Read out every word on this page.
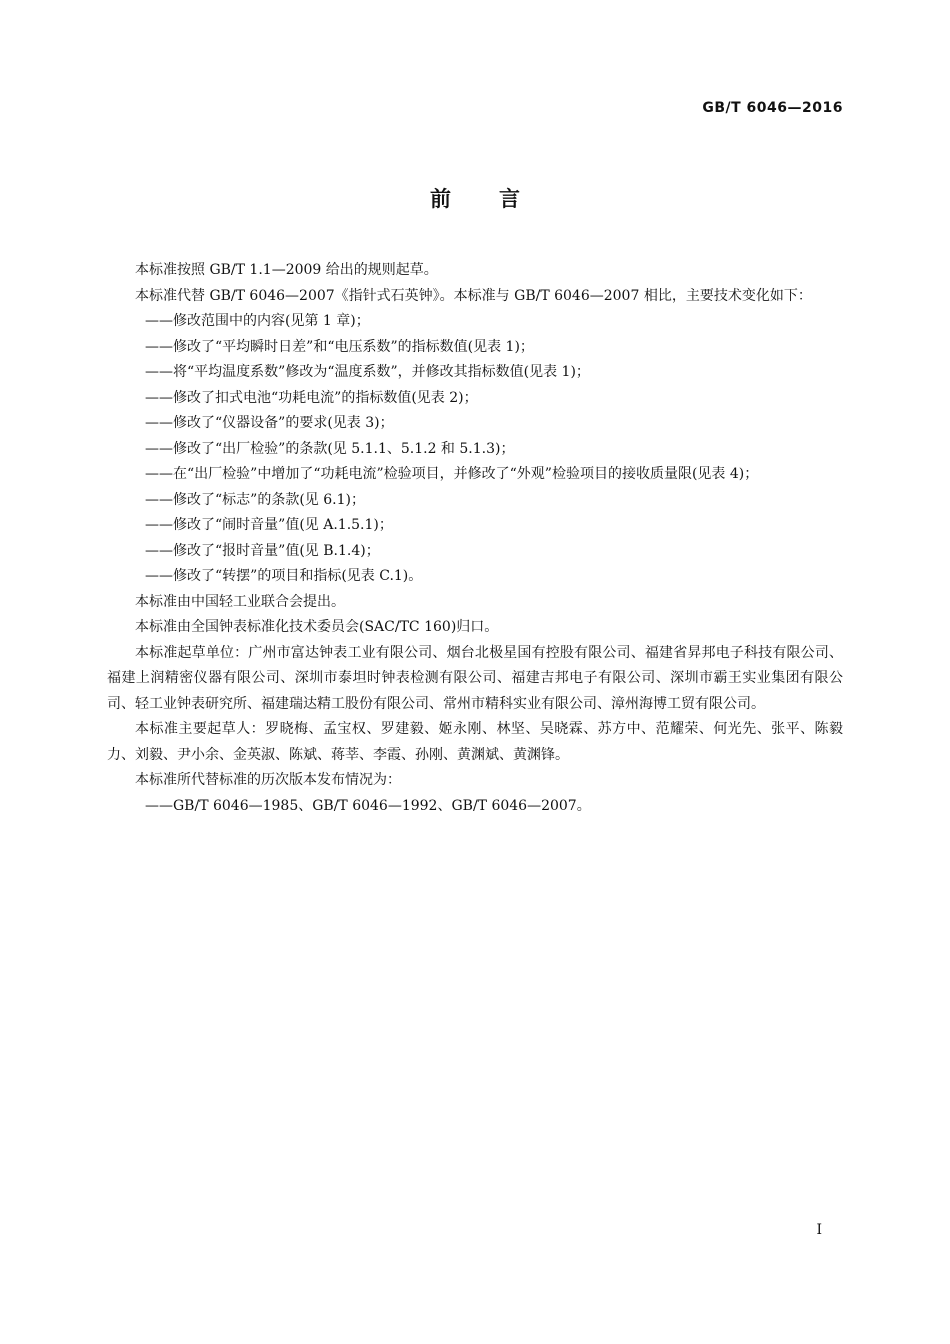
GB/T 6046—2016
前言

本标准按照 GB/T 1.1—2009 给出的规则起草。

本标准代替 GB/T 6046—2007《指针式石英钟》。本标准与 GB/T 6046—2007 相比，主要技术变化如下：

——修改范围中的内容(见第 1 章)；

——修改了“平均瞬时日差”和“电压系数”的指标数值(见表 1)；

——将“平均温度系数”修改为“温度系数”，并修改其指标数值(见表 1)；

——修改了扣式电池“功耗电流”的指标数值(见表 2)；

——修改了“仪器设备”的要求(见表 3)；

——修改了“出厂检验”的条款(见 5.1.1、5.1.2 和 5.1.3)；

——在“出厂检验”中增加了“功耗电流”检验项目，并修改了“外观”检验项目的接收质量限(见表 4)；

——修改了“标志”的条款(见 6.1)；

——修改了“闹时音量”值(见 A.1.5.1)；

——修改了“报时音量”值(见 B.1.4)；

——修改了“转摆”的项目和指标(见表 C.1)。

本标准由中国轻工业联合会提出。

本标准由全国钟表标准化技术委员会(SAC/TC 160)归口。

本标准起草单位：广州市富达钟表工业有限公司、烟台北极星国有控股有限公司、福建省昇邦电子科技有限公司、福建上润精密仪器有限公司、深圳市泰坦时钟表检测有限公司、福建吉邦电子有限公司、深圳市霸王实业集团有限公司、轻工业钟表研究所、福建瑞达精工股份有限公司、常州市精科实业有限公司、漳州海博工贸有限公司。

本标准主要起草人：罗晓梅、孟宝权、罗建毅、姬永刚、林坚、吴晓霖、苏方中、范耀荣、何光先、张平、陈毅力、刘毅、尹小余、金英淑、陈斌、蒋莘、李霞、孙刚、黄渊斌、黄渊锋。

本标准所代替标准的历次版本发布情况为：

——GB/T 6046—1985、GB/T 6046—1992、GB/T 6046—2007。

I
